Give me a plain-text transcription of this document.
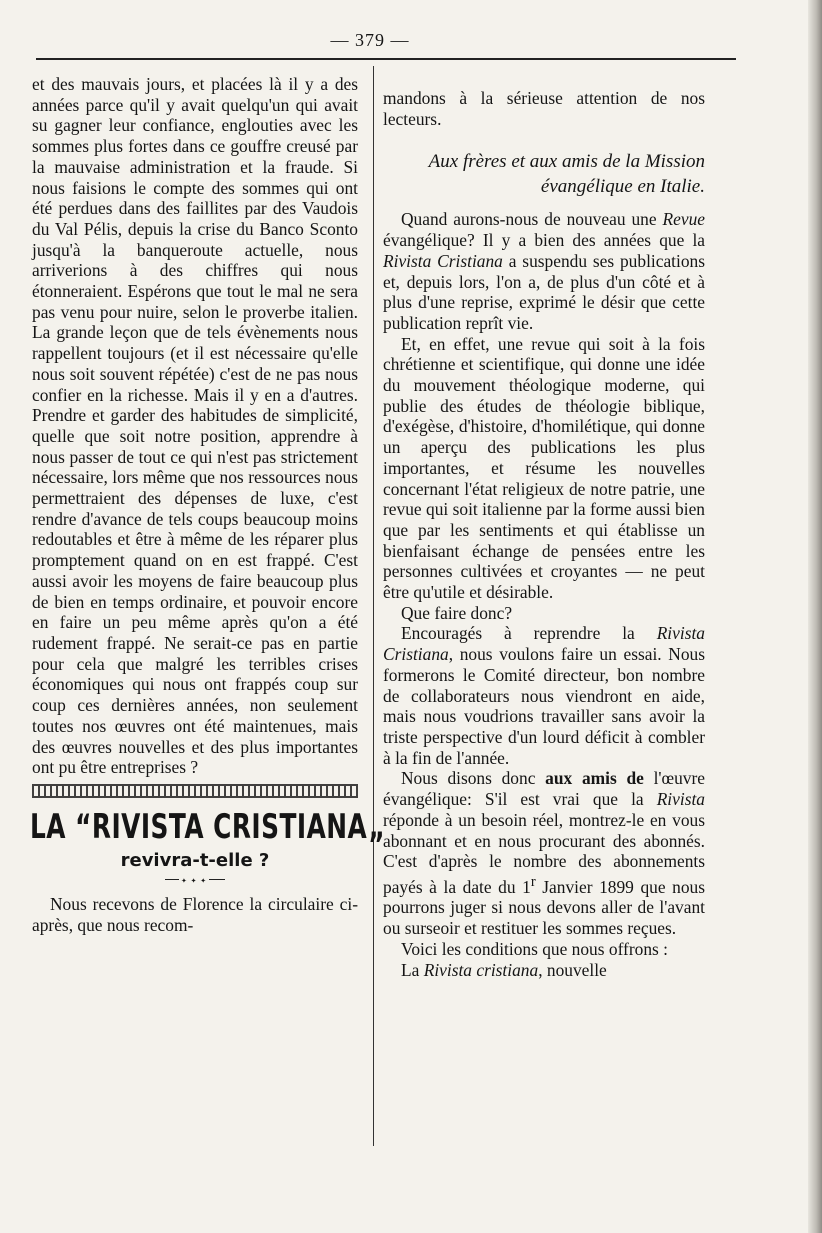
— 379 —

et des mauvais jours, et placées là il y a des années parce qu'il y avait quelqu'un qui avait su gagner leur confiance, englouties avec les sommes plus fortes dans ce gouffre creusé par la mauvaise administration et la fraude. Si nous faisions le compte des sommes qui ont été perdues dans des faillites par des Vaudois du Val Pélis, depuis la crise du Banco Sconto jusqu'à la banqueroute actuelle, nous arriverions à des chiffres qui nous étonneraient. Espérons que tout le mal ne sera pas venu pour nuire, selon le proverbe italien. La grande leçon que de tels évènements nous rappellent toujours (et il est nécessaire qu'elle nous soit souvent répétée) c'est de ne pas nous confier en la richesse. Mais il y en a d'autres. Prendre et garder des habitudes de simplicité, quelle que soit notre position, apprendre à nous passer de tout ce qui n'est pas strictement nécessaire, lors même que nos ressources nous permettraient des dépenses de luxe, c'est rendre d'avance de tels coups beaucoup moins redoutables et être à même de les réparer plus promptement quand on en est frappé. C'est aussi avoir les moyens de faire beaucoup plus de bien en temps ordinaire, et pouvoir encore en faire un peu même après qu'on a été rudement frappé. Ne serait-ce pas en partie pour cela que malgré les terribles crises économiques qui nous ont frappés coup sur coup ces dernières années, non seulement toutes nos œuvres ont été maintenues, mais des œuvres nouvelles et des plus importantes ont pu être entreprises ?

LA “RIVISTA CRISTIANA„
revivra-t-elle ?
✦ ✦ ✦

Nous recevons de Florence la circulaire ci-après, que nous recom-

mandons à la sérieuse attention de nos lecteurs.

Aux frères et aux amis de la Mission évangélique en Italie.

Quand aurons-nous de nouveau une Revue évangélique? Il y a bien des années que la Rivista Cristiana a suspendu ses publications et, depuis lors, l'on a, de plus d'un côté et à plus d'une reprise, exprimé le désir que cette publication reprît vie.

Et, en effet, une revue qui soit à la fois chrétienne et scientifique, qui donne une idée du mouvement théologique moderne, qui publie des études de théologie biblique, d'exégèse, d'histoire, d'homilétique, qui donne un aperçu des publications les plus importantes, et résume les nouvelles concernant l'état religieux de notre patrie, une revue qui soit italienne par la forme aussi bien que par les sentiments et qui établisse un bienfaisant échange de pensées entre les personnes cultivées et croyantes — ne peut être qu'utile et désirable.

Que faire donc?

Encouragés à reprendre la Rivista Cristiana, nous voulons faire un essai. Nous formerons le Comité directeur, bon nombre de collaborateurs nous viendront en aide, mais nous voudrions travailler sans avoir la triste perspective d'un lourd déficit à combler à la fin de l'année.

Nous disons donc aux amis de l'œuvre évangélique: S'il est vrai que la Rivista réponde à un besoin réel, montrez-le en vous abonnant et en nous procurant des abonnés. C'est d'après le nombre des abonnements payés à la date du 1$^r$ Janvier 1899 que nous pourrons juger si nous devons aller de l'avant ou surseoir et restituer les sommes reçues.

Voici les conditions que nous offrons :

La Rivista cristiana, nouvelle
